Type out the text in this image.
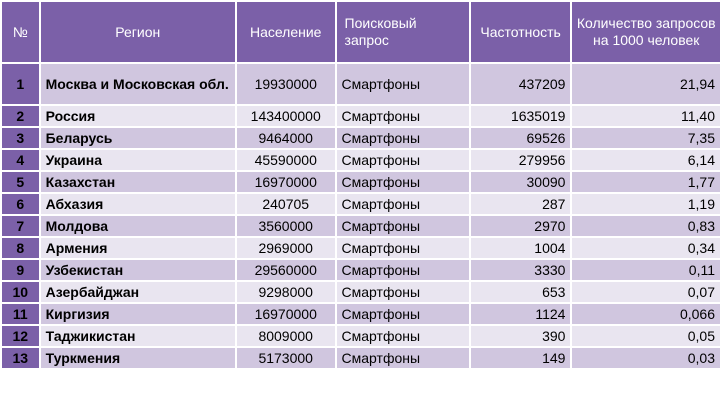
№	Регион	Население	Поисковый запрос	Частотность	Количество запросов на 1000 человек
1	Москва и Московская обл.	19930000	Смартфоны	437209	21,94
2	Россия	143400000	Смартфоны	1635019	11,40
3	Беларусь	9464000	Смартфоны	69526	7,35
4	Украина	45590000	Смартфоны	279956	6,14
5	Казахстан	16970000	Смартфоны	30090	1,77
6	Абхазия	240705	Смартфоны	287	1,19
7	Молдова	3560000	Смартфоны	2970	0,83
8	Армения	2969000	Смартфоны	1004	0,34
9	Узбекистан	29560000	Смартфоны	3330	0,11
10	Азербайджан	9298000	Смартфоны	653	0,07
11	Киргизия	16970000	Смартфоны	1124	0,066
12	Таджикистан	8009000	Смартфоны	390	0,05
13	Туркмения	5173000	Смартфоны	149	0,03
